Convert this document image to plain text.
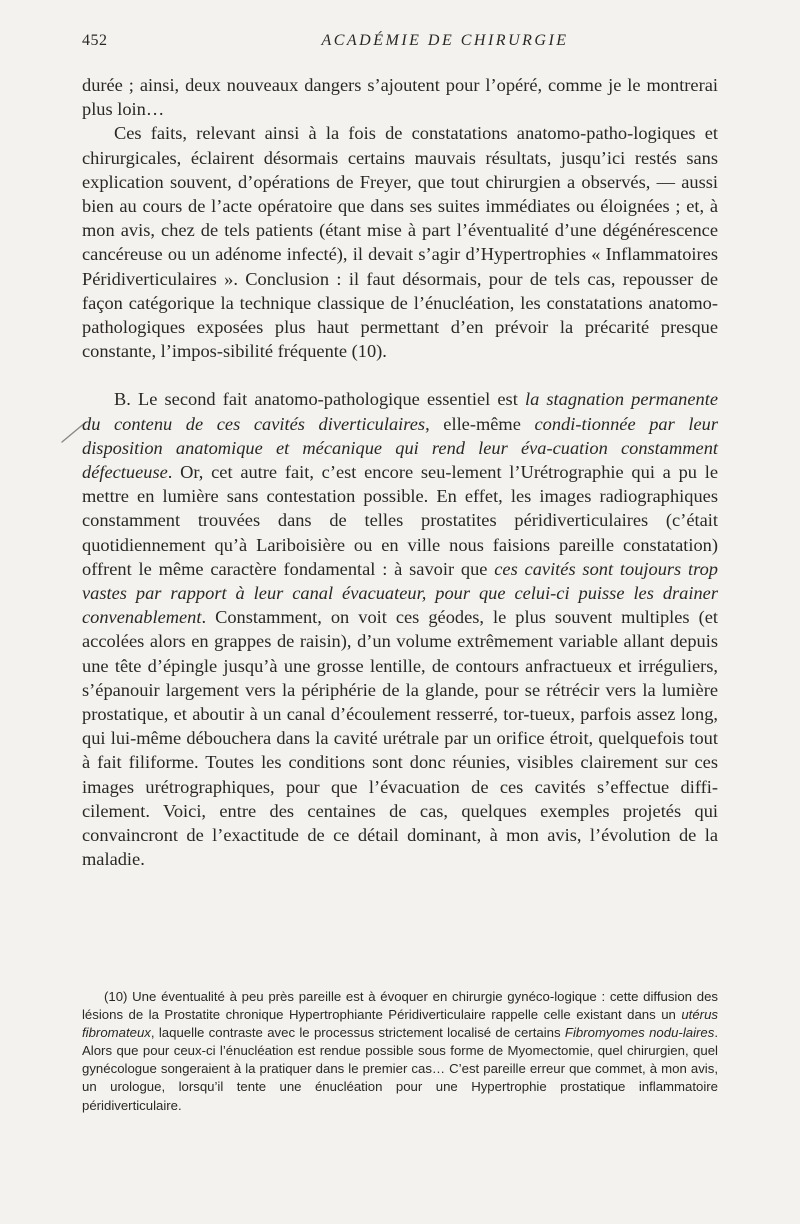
452	ACADÉMIE DE CHIRURGIE

durée ; ainsi, deux nouveaux dangers s’ajoutent pour l’opéré, comme je le montrerai plus loin…

Ces faits, relevant ainsi à la fois de constatations anatomo-patho-logiques et chirurgicales, éclairent désormais certains mauvais résultats, jusqu’ici restés sans explication souvent, d’opérations de Freyer, que tout chirurgien a observés, — aussi bien au cours de l’acte opératoire que dans ses suites immédiates ou éloignées ; et, à mon avis, chez de tels patients (étant mise à part l’éventualité d’une dégénérescence cancéreuse ou un adénome infecté), il devait s’agir d’Hypertrophies « Inflammatoires Péridiverticulaires ». Conclusion : il faut désormais, pour de tels cas, repousser de façon catégorique la technique classique de l’énucléation, les constatations anatomo-pathologiques exposées plus haut permettant d’en prévoir la précarité presque constante, l’impos-sibilité fréquente (10).

B. Le second fait anatomo-pathologique essentiel est la stagnation permanente du contenu de ces cavités diverticulaires, elle-même condi-tionnée par leur disposition anatomique et mécanique qui rend leur éva-cuation constamment défectueuse. Or, cet autre fait, c’est encore seu-lement l’Urétrographie qui a pu le mettre en lumière sans contestation possible. En effet, les images radiographiques constamment trouvées dans de telles prostatites péridiverticulaires (c’était quotidiennement qu’à Lariboisière ou en ville nous faisions pareille constatation) offrent le même caractère fondamental : à savoir que ces cavités sont toujours trop vastes par rapport à leur canal évacuateur, pour que celui-ci puisse les drainer convenablement. Constamment, on voit ces géodes, le plus souvent multiples (et accolées alors en grappes de raisin), d’un volume extrêmement variable allant depuis une tête d’épingle jusqu’à une grosse lentille, de contours anfractueux et irréguliers, s’épanouir largement vers la périphérie de la glande, pour se rétrécir vers la lumière prostatique, et aboutir à un canal d’écoulement resserré, tor-tueux, parfois assez long, qui lui-même débouchera dans la cavité urétrale par un orifice étroit, quelquefois tout à fait filiforme. Toutes les conditions sont donc réunies, visibles clairement sur ces images urétrographiques, pour que l’évacuation de ces cavités s’effectue diffi-cilement. Voici, entre des centaines de cas, quelques exemples projetés qui convaincront de l’exactitude de ce détail dominant, à mon avis, l’évolution de la maladie.

(10) Une éventualité à peu près pareille est à évoquer en chirurgie gynéco-logique : cette diffusion des lésions de la Prostatite chronique Hypertrophiante Péridiverticulaire rappelle celle existant dans un utérus fibromateux, laquelle contraste avec le processus strictement localisé de certains Fibromyomes nodu-laires. Alors que pour ceux-ci l’énucléation est rendue possible sous forme de Myomectomie, quel chirurgien, quel gynécologue songeraient à la pratiquer dans le premier cas… C’est pareille erreur que commet, à mon avis, un urologue, lorsqu’il tente une énucléation pour une Hypertrophie prostatique inflammatoire péridiverticulaire.
